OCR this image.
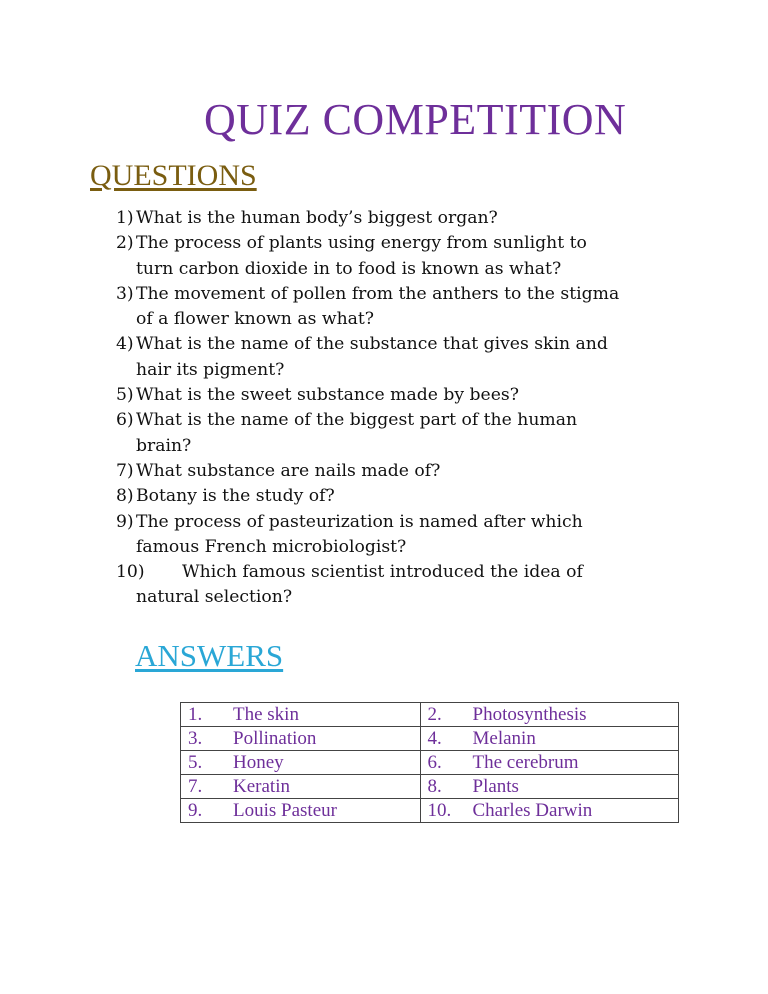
QUIZ COMPETITION
QUESTIONS
1) What is the human body’s biggest organ?
2) The process of plants using energy from sunlight to
turn carbon dioxide in to food is known as what?
3) The movement of pollen from the anthers to the stigma
of a flower known as what?
4) What is the name of the substance that gives skin and
hair its pigment?
5) What is the sweet substance made by bees?
6) What is the name of the biggest part of the human
brain?
7) What substance are nails made of?
8) Botany is the study of?
9) The process of pasteurization is named after which
famous French microbiologist?
10)	Which famous scientist introduced the idea of
natural selection?
ANSWERS
1. The skin	2. Photosynthesis
3. Pollination	4. Melanin
5. Honey	6. The cerebrum
7. Keratin	8. Plants
9. Louis Pasteur	10. Charles Darwin
